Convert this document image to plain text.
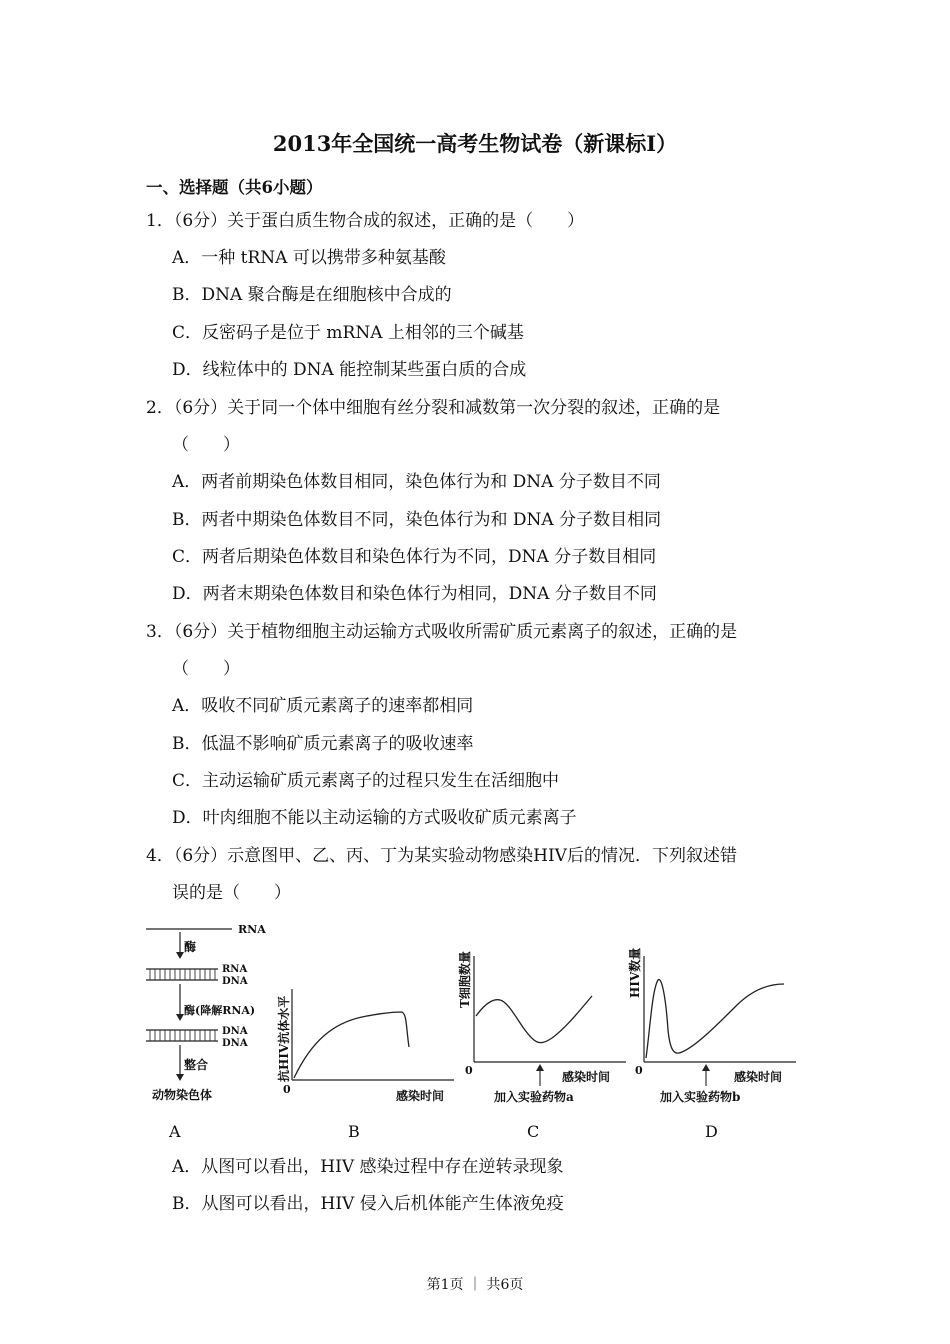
2013年全国统一高考生物试卷（新课标Ⅰ）
一、选择题（共6小题）
1．（6分）关于蛋白质生物合成的叙述，正确的是（　　）
A．一种 tRNA 可以携带多种氨基酸
B．DNA 聚合酶是在细胞核中合成的
C．反密码子是位于 mRNA 上相邻的三个碱基
D．线粒体中的 DNA 能控制某些蛋白质的合成
2．（6分）关于同一个体中细胞有丝分裂和减数第一次分裂的叙述，正确的是
（　　）
A．两者前期染色体数目相同，染色体行为和 DNA 分子数目不同
B．两者中期染色体数目不同，染色体行为和 DNA 分子数目相同
C．两者后期染色体数目和染色体行为不同，DNA 分子数目相同
D．两者末期染色体数目和染色体行为相同，DNA 分子数目不同
3．（6分）关于植物细胞主动运输方式吸收所需矿质元素离子的叙述，正确的是
（　　）
A．吸收不同矿质元素离子的速率都相同
B．低温不影响矿质元素离子的吸收速率
C．主动运输矿质元素离子的过程只发生在活细胞中
D．叶肉细胞不能以主动运输的方式吸收矿质元素离子
4．（6分）示意图甲、乙、丙、丁为某实验动物感染HIV后的情况．下列叙述错
误的是（　　）
RNA
酶
RNA
DNA
酶(降解RNA)
DNA
DNA
整合
动物染色体
抗HIV抗体水平
0	感染时间
T细胞数量
0	感染时间
加入实验药物a
HIV数量
0	感染时间
加入实验药物b
A	B	C	D
A．从图可以看出，HIV 感染过程中存在逆转录现象
B．从图可以看出，HIV 侵入后机体能产生体液免疫
第1页 ｜ 共6页
